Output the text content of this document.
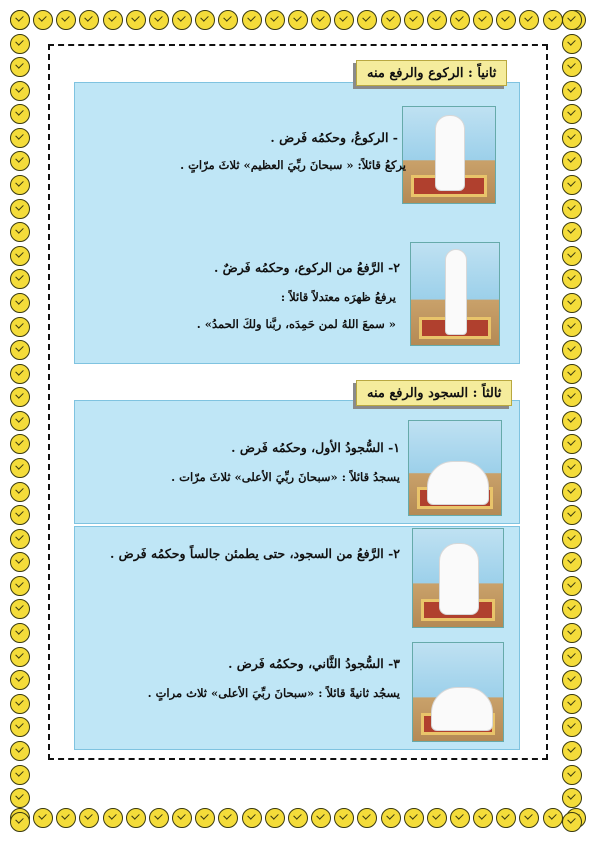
ثانياً : الركوع والرفع منه
- الركوعُ، وحكمُه فَرض .
يركعُ قائلاً: « سبحانَ ربِّيَ العظيم» ثلاثَ مرّاتٍ .
٢- الرَّفعُ من الركوع، وحكمُه فَرضٌ .
يرفعُ ظهرَه معتدلاً قائلاً :
« سمعَ اللهُ لمن حَمِدَه، ربَّنا ولكَ الحمدُ» .
ثالثاً : السجود والرفع منه
١- السُّجودُ الأول، وحكمُه فَرض .
يسجدُ قائلاً : «سبحانَ ربِّيَ الأعلى» ثلاثَ مرّات .
٢- الرَّفعُ من السجود، حتى يطمئن جالساً وحكمُه فَرض .
٣- السُّجودُ الثَّاني، وحكمُه فَرض .
يسجُد ثانيةً قائلاً : «سبحانَ ربِّيَ الأعلى» ثلاث مراتٍ .
